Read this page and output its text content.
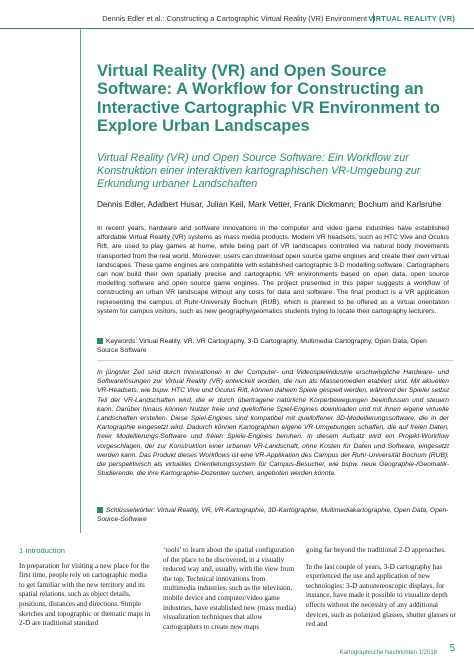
Dennis Edler et al.: Constructing a Cartographic Virtual Reality (VR) Environment VIRTUAL REALITY (VR)
Virtual Reality (VR) and Open Source Software: A Workflow for Constructing an Interactive Cartographic VR Environment to Explore Urban Landscapes
Virtual Reality (VR) und Open Source Software: Ein Workflow zur Konstruktion einer interaktiven kartographischen VR-Umgebung zur Erkundung urbaner Landschaften
Dennis Edler, Adalbert Husar, Julian Keil, Mark Vetter, Frank Dickmann; Bochum and Karlsruhe
In recent years, hardware and software innovations in the computer and video game industries have established affordable Virtual Reality (VR) systems as mass media products. Modern VR headsets, such as HTC Vive and Oculus Rift, are used to play games at home, while being part of VR landscapes controlled via natural body movements transported from the real world. Moreover, users can download open source game engines and create their own virtual landscapes. These game engines are compatible with established cartographic 3-D modelling software. Cartographers can now build their own spatially precise and cartographic VR environments based on open data, open source modelling software and open source game engines. The project presented in this paper suggests a workflow of constructing an urban VR landscape without any costs for data and software. The final product is a VR application representing the campus of Ruhr-University Bochum (RUB), which is planned to be offered as a virtual orientation system for campus visitors, such as new geography/geomatics students trying to locate their cartography lecturers.
Keywords: Virtual Reality, VR, VR Cartography, 3-D Cartography, Multimedia Cartography, Open Data, Open Source Software
In jüngster Zeit sind durch Innovationen in der Computer- und Videospielindustrie erschwingliche Hardware- und Softwarelösungen zur Virtual Reality (VR) entwickelt worden, die nun als Massenmedien etabliert sind. Mit aktuellen VR-Headsets, wie bspw. HTC Vive und Oculus Rift, können daheim Spiele gespielt werden, während der Spieler selbst Teil der VR-Landschaften wird, die er durch übertragene natürliche Körperbewegungen beeinflussen und steuern kann. Darüber hinaus können Nutzer freie und quelloffene Spiel-Engines downloaden und mit ihnen eigene virtuelle Landschaften erstellen. Diese Spiel-Engines sind kompatibel mit quelloffener 3D-Modellierungssoftware, die in der Kartographie eingesetzt wird. Dadurch können Kartographen eigene VR-Umgebungen schaffen, die auf freien Daten, freier Modellierungs-Software und freien Spiele-Engines beruhen. In diesem Aufsatz wird ein Projekt-Workflow vorgeschlagen, der zur Konstruktion einer urbanen VR-Landschaft, ohne Kosten für Daten und Software, eingesetzt werden kann. Das Produkt dieses Workflows ist eine VR-Applikation des Campus der Ruhr-Universität Bochum (RUB), die perspektivisch als virtuelles Orientierungssystem für Campus-Besucher, wie bspw. neue Geographie-/Geomatik-Studierende, die ihre Kartographie-Dozenten suchen, angeboten werden könnte.
Schlüsselwörter: Virtual Reality, VR, VR-Kartographie, 3D-Kartographie, Multimediakartographie, Open Data, Open-Source-Software
1 Introduction

In preparation for visiting a new place for the first time, people rely on cartographic media to get familiar with the new territory and its spatial relations, such as object details, positions, distances and directions. Simple sketches and topographic or thematic maps in 2-D are traditional standard

‘tools’ to learn about the spatial configuration of the place to be discovered, in a visually reduced way and, usually, with the view from the top. Technical innovations from multimedia industries, such as the television, mobile device and computer/video game industries, have established new (mass media) visualization techniques that allow cartographers to create new maps

going far beyond the traditional 2-D approaches.

In the last couple of years, 3-D cartography has experienced the use and application of new technologies: 3-D autostereoscopic displays, for instance, have made it possible to visualize depth effects without the necessity of any additional devices, such as polarized glasses, shutter glasses or red and

Kartographische Nachrichten 1/2018 5
